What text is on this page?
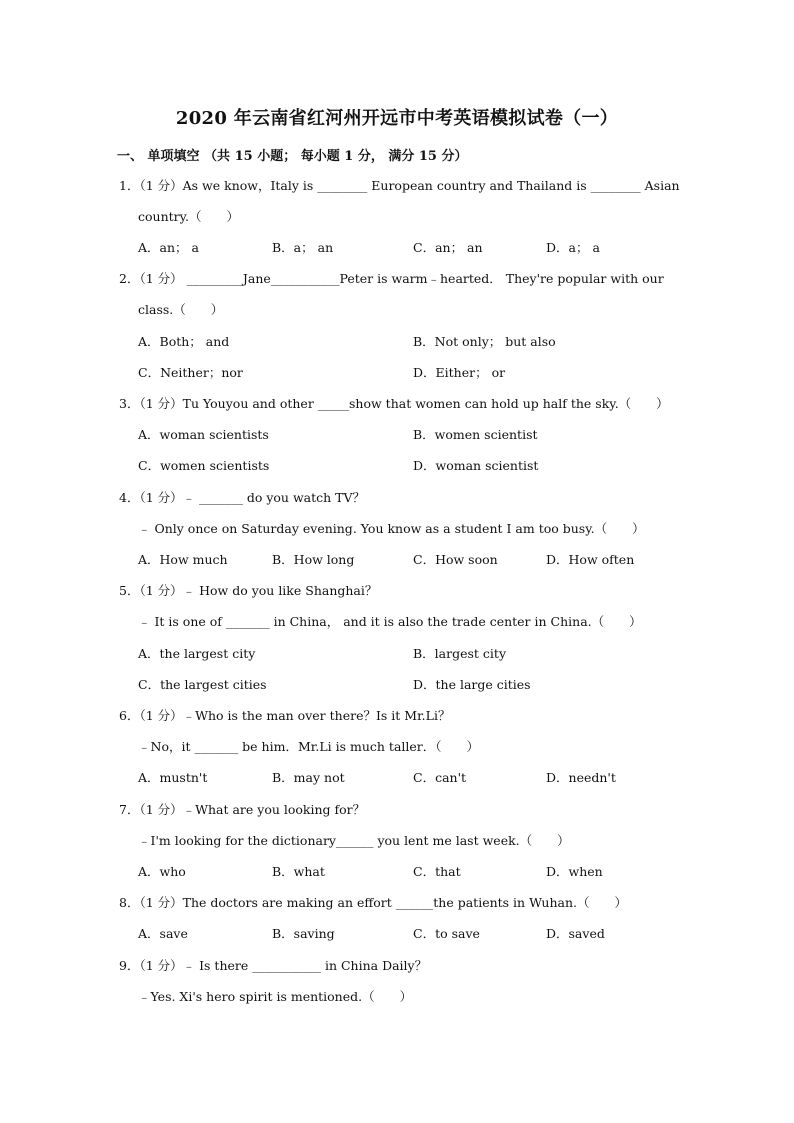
2020 年云南省红河州开远市中考英语模拟试卷（一）
一、 单项填空 （共 15 小题； 每小题 1 分， 满分 15 分）
1．（1 分）As we know，Italy is ________ European country and Thailand is ________ Asian
country.（　　）
A．an； a	B．a； an	C．an； an	D．a； a
2．（1 分） _________Jane___________Peter is warm﹣hearted． They're popular with our
class.（　　）
A．Both； and	B．Not only； but also
C．Neither；nor	D．Either； or
3．（1 分）Tu Youyou and other _____show that women can hold up half the sky.（　　）
A．woman scientists	B．women scientist
C．women scientists	D．woman scientist
4．（1 分）﹣ _______ do you watch TV？
﹣ Only once on Saturday evening. You know as a student I am too busy.（　　）
A．How much	B．How long	C．How soon	D．How often
5．（1 分）﹣ How do you like Shanghai？
﹣ It is one of _______ in China， and it is also the trade center in China.（　　）
A．the largest city	B．largest city
C．the largest cities	D．the large cities
6．（1 分）﹣Who is the man over there？Is it Mr.Li？
﹣No，it _______ be him．Mr.Li is much taller．（　　）
A．mustn't	B．may not	C．can't	D．needn't
7．（1 分）﹣What are you looking for？
﹣I'm looking for the dictionary______ you lent me last week.（　　）
A．who	B．what	C．that	D．when
8．（1 分）The doctors are making an effort ______the patients in Wuhan.（　　）
A．save	B．saving	C．to save	D．saved
9．（1 分）﹣ Is there ___________ in China Daily？
﹣Yes. Xi's hero spirit is mentioned.（　　）
